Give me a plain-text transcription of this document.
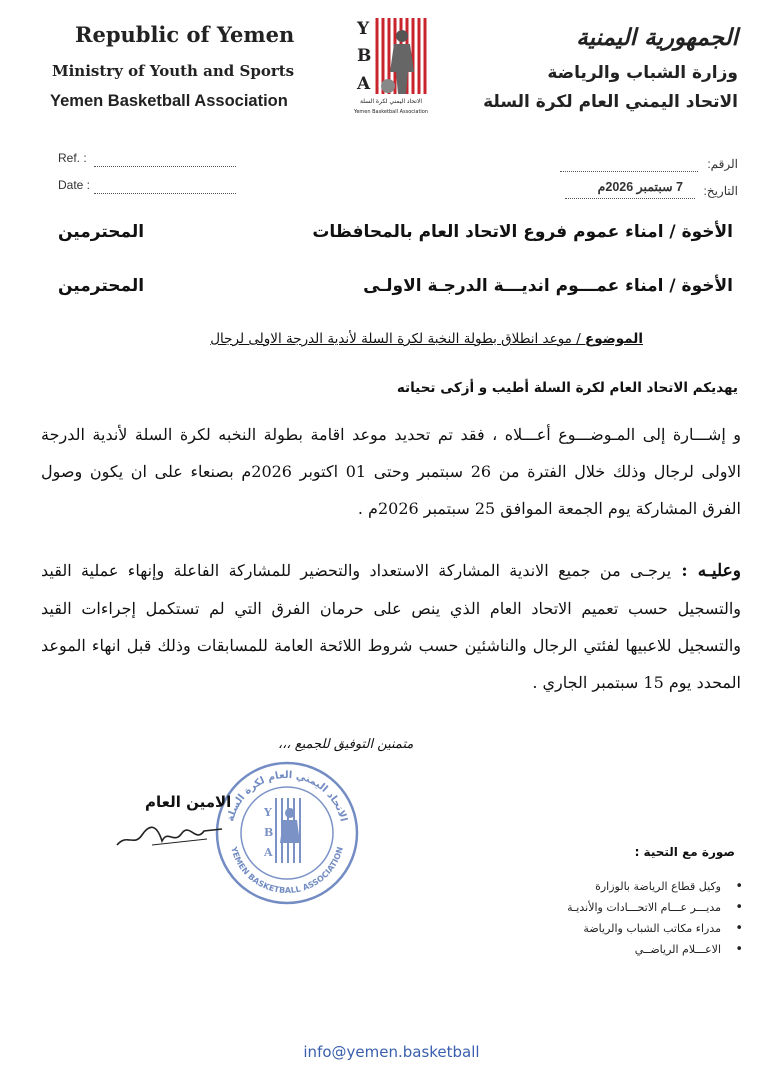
Republic of Yemen
Ministry of Youth and Sports
Yemen Basketball Association
Y
B
A
الاتحاد اليمني لكرة السلة
Yemen Basketball Association
الجمهورية اليمنية
وزارة الشباب والرياضة
الاتحاد اليمني العام لكرة السلة
Ref. :
Date :
الرقم:
التاريخ:
7 سبتمبر 2026م
الأخوة / امناء عموم فروع الاتحاد العام بالمحافظات
المحترمين
الأخوة / امناء عمـــوم انديـــة الدرجـة الاولـى
المحترمين
الموضوع / موعد انطلاق بطولة النخبة لكرة السلة لأندية الدرجة الاولى لرجال
يهديكم الاتحاد العام لكرة السلة أطيب و أزكى تحياته
و إشـــارة إلى المـوضـــوع أعـــلاه ، فقد تم تحديد موعد اقامة بطولة النخبه لكرة السلة لأندية الدرجة الاولى لرجال وذلك خلال الفترة من 26 سبتمبر وحتى 01 اكتوبر 2026م بصنعاء على ان يكون وصول الفرق المشاركة يوم الجمعة الموافق 25 سبتمبر 2026م .
وعليـه : يرجـى من جميع الاندية المشاركة الاستعداد والتحضير للمشاركة الفاعلة وإنهاء عملية القيد والتسجيل حسب تعميم الاتحاد العام الذي ينص على حرمان الفرق التي لم تستكمل إجراءات القيد والتسجيل للاعبيها لفئتي الرجال والناشئين حسب شروط اللائحة العامة للمسابقات وذلك قبل انهاء الموعد المحدد يوم 15 سبتمبر الجاري .
متمنين التوفيق للجميع ،،،
الاتحاد اليمني العام لكرة السلة
YEMEN BASKETBALL ASSOCIATION
Y
B
A
الامين العام
صورة مع التحية :
• وكيل قطاع الرياضة بالوزارة
• مديـــر عـــام الاتحـــادات والأنديـة
• مدراء مكاتب الشباب والرياضة
• الاعـــلام الرياضــي
info@yemen.basketball
